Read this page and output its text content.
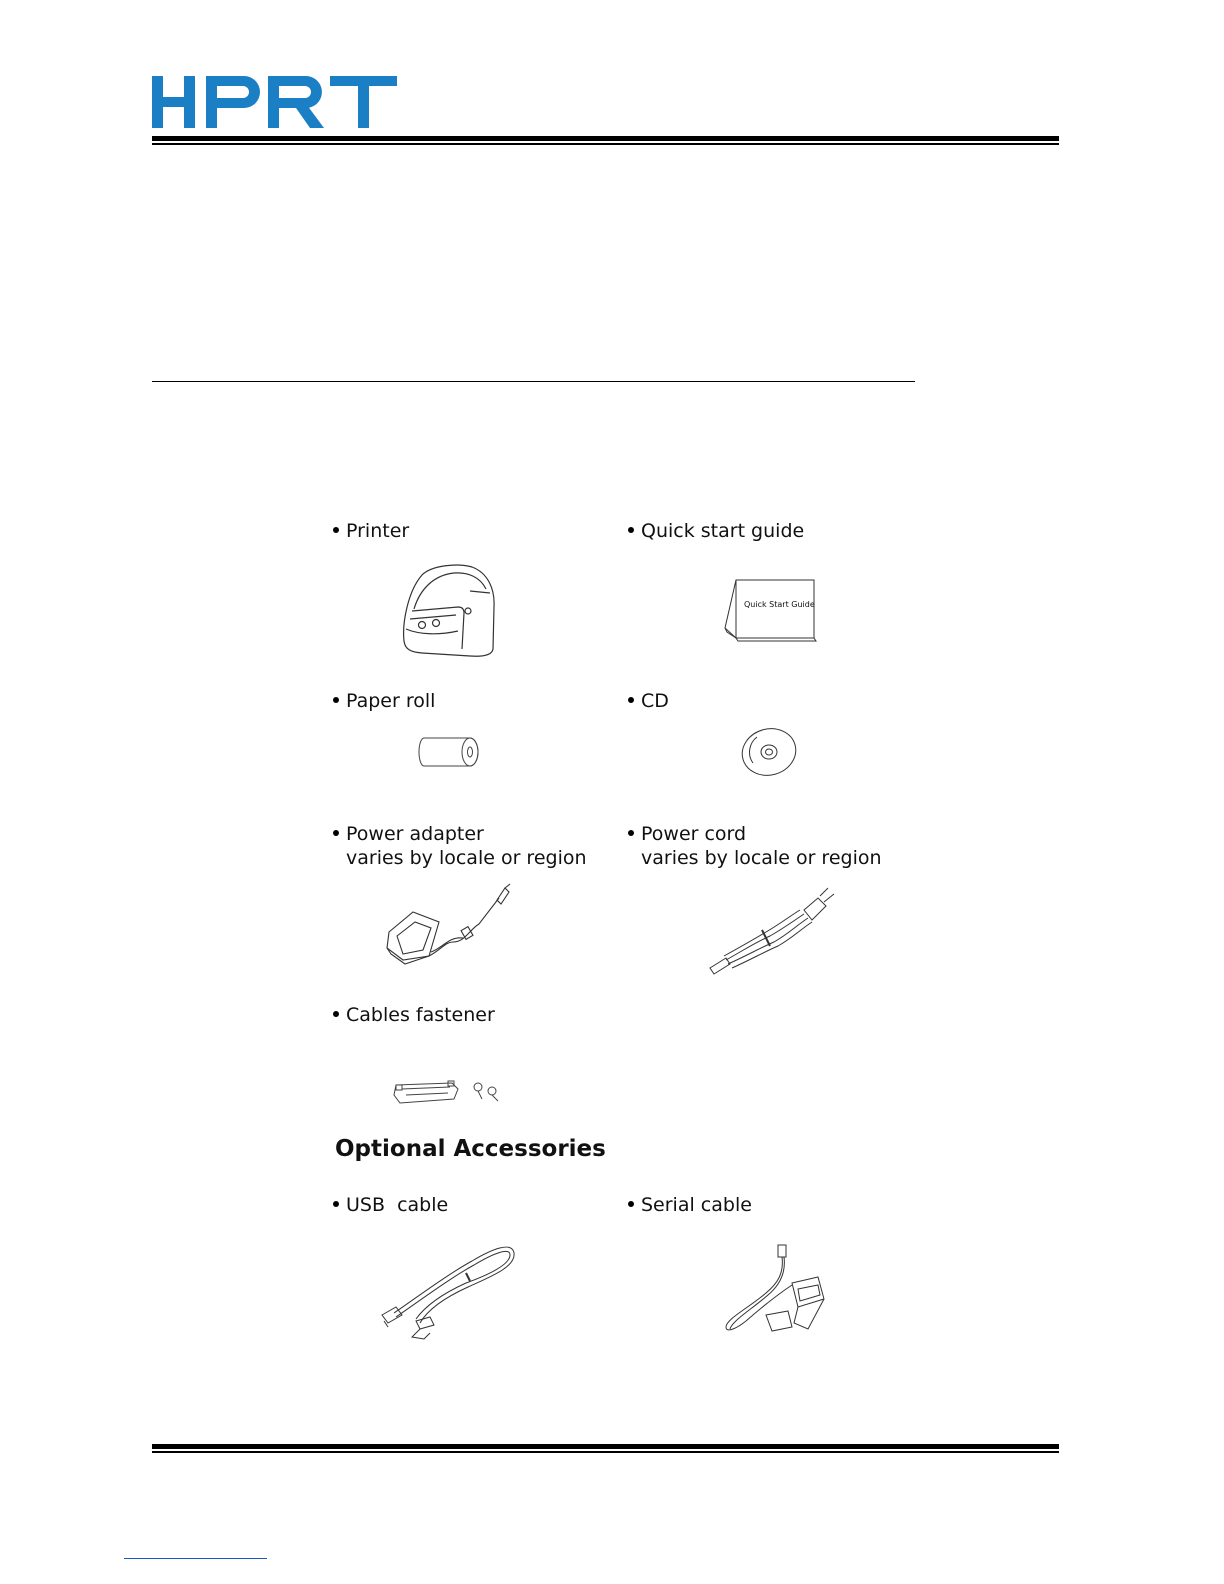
Printer	Quick start guide
Quick Start Guide
Paper roll	CD
Power adapter
varies by locale or region
Power cord
varies by locale or region
Cables fastener
Optional Accessories
USB  cable	Serial cable
